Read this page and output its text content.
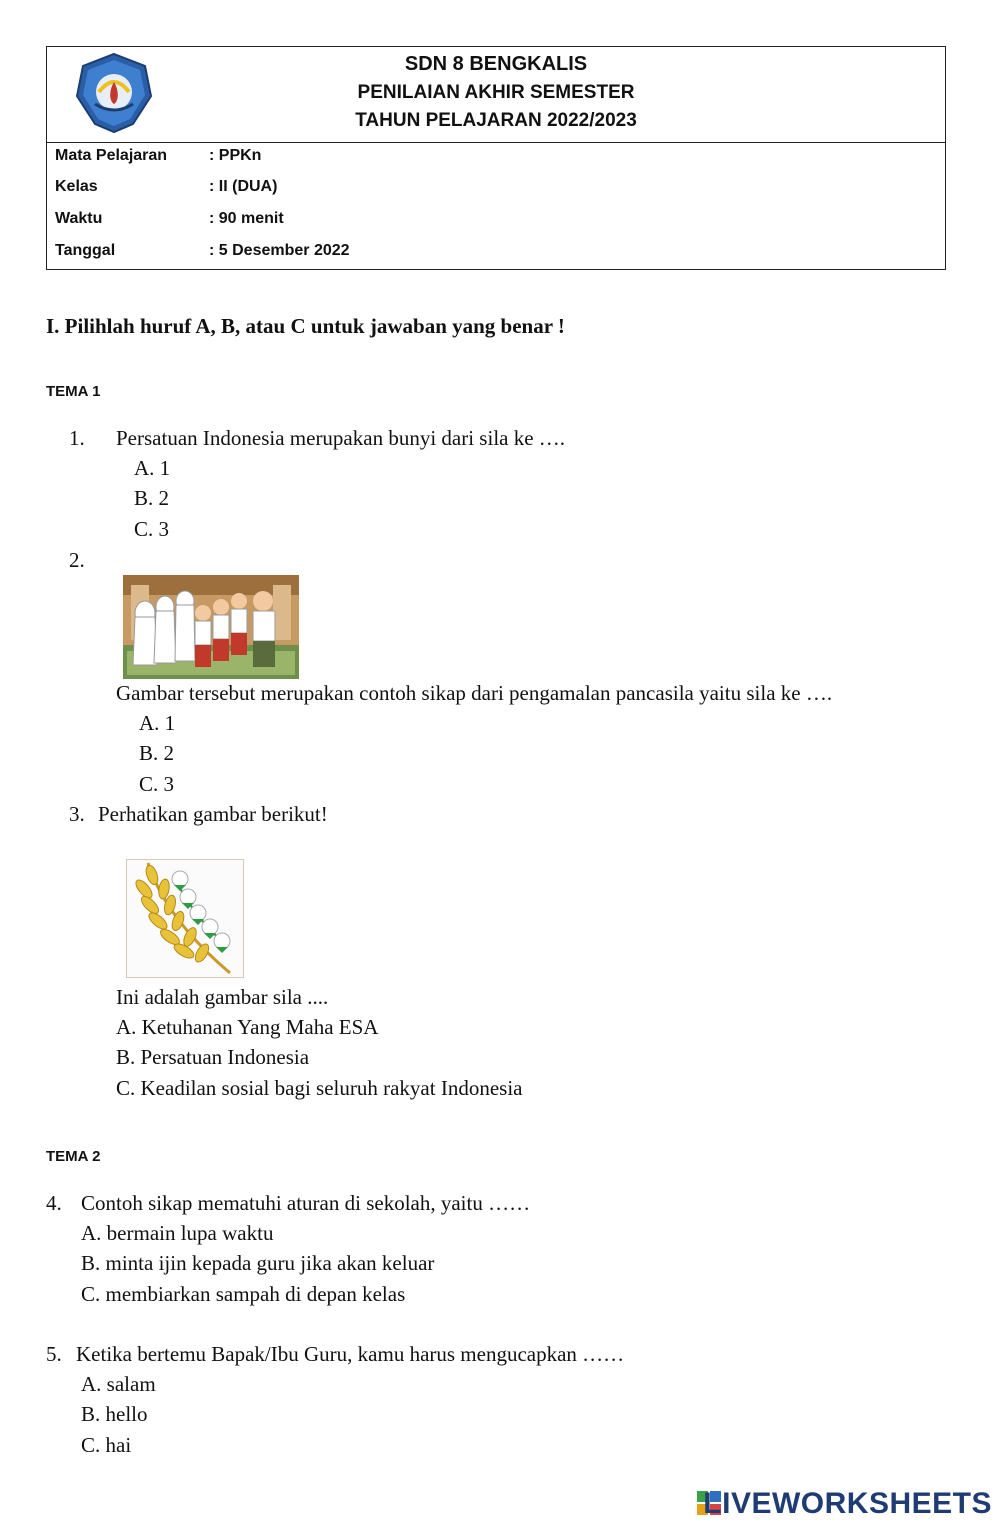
SDN 8 BENGKALIS
PENILAIAN AKHIR SEMESTER
TAHUN PELAJARAN 2022/2023
Mata Pelajaran	: PPKn
Kelas	: II (DUA)
Waktu	: 90 menit
Tanggal	: 5 Desember 2022
I. Pilihlah huruf A, B, atau C untuk jawaban yang benar !
TEMA 1
1. Persatuan Indonesia merupakan bunyi dari sila ke ….
A. 1
B. 2
C. 3
2.
Gambar tersebut merupakan contoh sikap dari pengamalan pancasila yaitu sila ke ….
A. 1
B. 2
C. 3
3. Perhatikan gambar berikut!
Ini adalah gambar sila ....
A. Ketuhanan Yang Maha ESA
B. Persatuan Indonesia
C. Keadilan sosial bagi seluruh rakyat Indonesia
TEMA 2
4. Contoh sikap mematuhi aturan di sekolah, yaitu ……
A. bermain lupa waktu
B. minta ijin kepada guru jika akan keluar
C. membiarkan sampah di depan kelas
5. Ketika bertemu Bapak/Ibu Guru, kamu harus mengucapkan ……
A. salam
B. hello
C. hai
LIVEWORKSHEETS
